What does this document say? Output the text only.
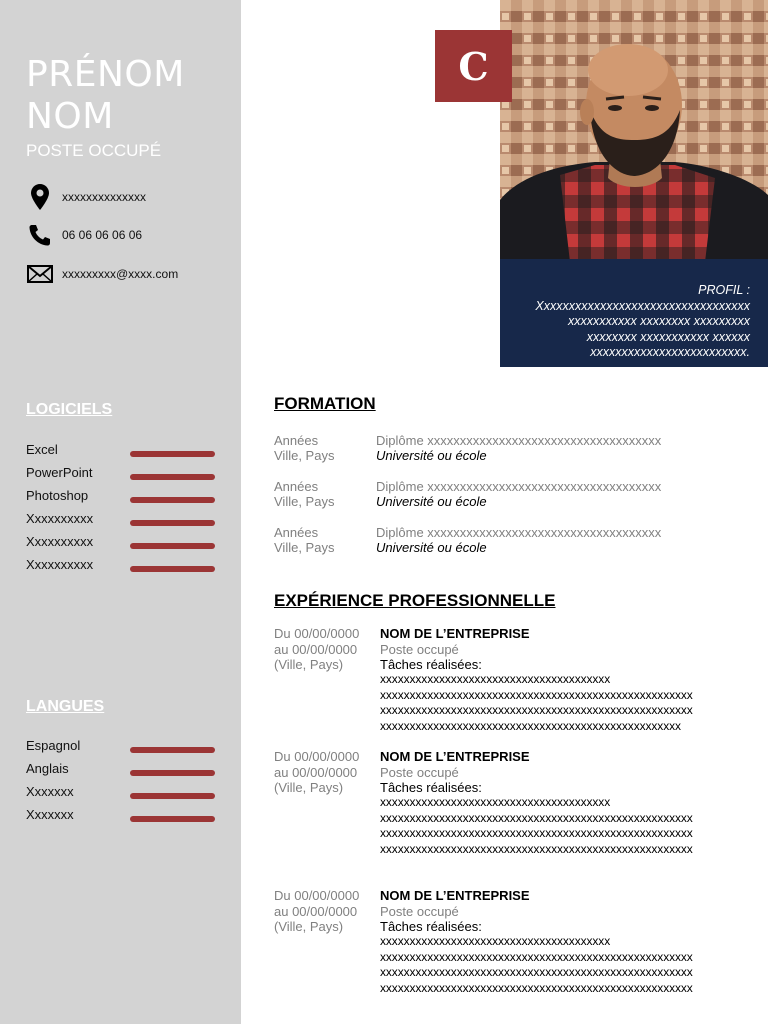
PRÉNOM
NOM
POSTE OCCUPÉ
xxxxxxxxxxxxxx
06 06 06 06 06
xxxxxxxxx@xxxx.com
LOGICIELS
Excel
PowerPoint
Photoshop
Xxxxxxxxxx
Xxxxxxxxxx
Xxxxxxxxxx
LANGUES
Espagnol
Anglais
Xxxxxxx
Xxxxxxx
C
PROFIL :
Xxxxxxxxxxxxxxxxxxxxxxxxxxxxxxxxxx
xxxxxxxxxxx xxxxxxxx xxxxxxxxx
xxxxxxxx xxxxxxxxxxx xxxxxx
xxxxxxxxxxxxxxxxxxxxxxxxx.
FORMATION
Années
Ville, Pays
Diplôme xxxxxxxxxxxxxxxxxxxxxxxxxxxxxxxxxxxx
Université ou école
Années
Ville, Pays
Diplôme xxxxxxxxxxxxxxxxxxxxxxxxxxxxxxxxxxxx
Université ou école
Années
Ville, Pays
Diplôme xxxxxxxxxxxxxxxxxxxxxxxxxxxxxxxxxxxx
Université ou école
EXPÉRIENCE PROFESSIONNELLE
Du 00/00/0000
au 00/00/0000
(Ville, Pays)
NOM DE L’ENTREPRISE
Poste occupé
Tâches réalisées:
xxxxxxxxxxxxxxxxxxxxxxxxxxxxxxxxxxxxxxx
xxxxxxxxxxxxxxxxxxxxxxxxxxxxxxxxxxxxxxxxxxxxxxxxxxxxx
xxxxxxxxxxxxxxxxxxxxxxxxxxxxxxxxxxxxxxxxxxxxxxxxxxxxx
xxxxxxxxxxxxxxxxxxxxxxxxxxxxxxxxxxxxxxxxxxxxxxxxxxx
Du 00/00/0000
au 00/00/0000
(Ville, Pays)
NOM DE L’ENTREPRISE
Poste occupé
Tâches réalisées:
xxxxxxxxxxxxxxxxxxxxxxxxxxxxxxxxxxxxxxx
xxxxxxxxxxxxxxxxxxxxxxxxxxxxxxxxxxxxxxxxxxxxxxxxxxxxx
xxxxxxxxxxxxxxxxxxxxxxxxxxxxxxxxxxxxxxxxxxxxxxxxxxxxx
xxxxxxxxxxxxxxxxxxxxxxxxxxxxxxxxxxxxxxxxxxxxxxxxxxxxx
Du 00/00/0000
au 00/00/0000
(Ville, Pays)
NOM DE L’ENTREPRISE
Poste occupé
Tâches réalisées:
xxxxxxxxxxxxxxxxxxxxxxxxxxxxxxxxxxxxxxx
xxxxxxxxxxxxxxxxxxxxxxxxxxxxxxxxxxxxxxxxxxxxxxxxxxxxx
xxxxxxxxxxxxxxxxxxxxxxxxxxxxxxxxxxxxxxxxxxxxxxxxxxxxx
xxxxxxxxxxxxxxxxxxxxxxxxxxxxxxxxxxxxxxxxxxxxxxxxxxxxx
